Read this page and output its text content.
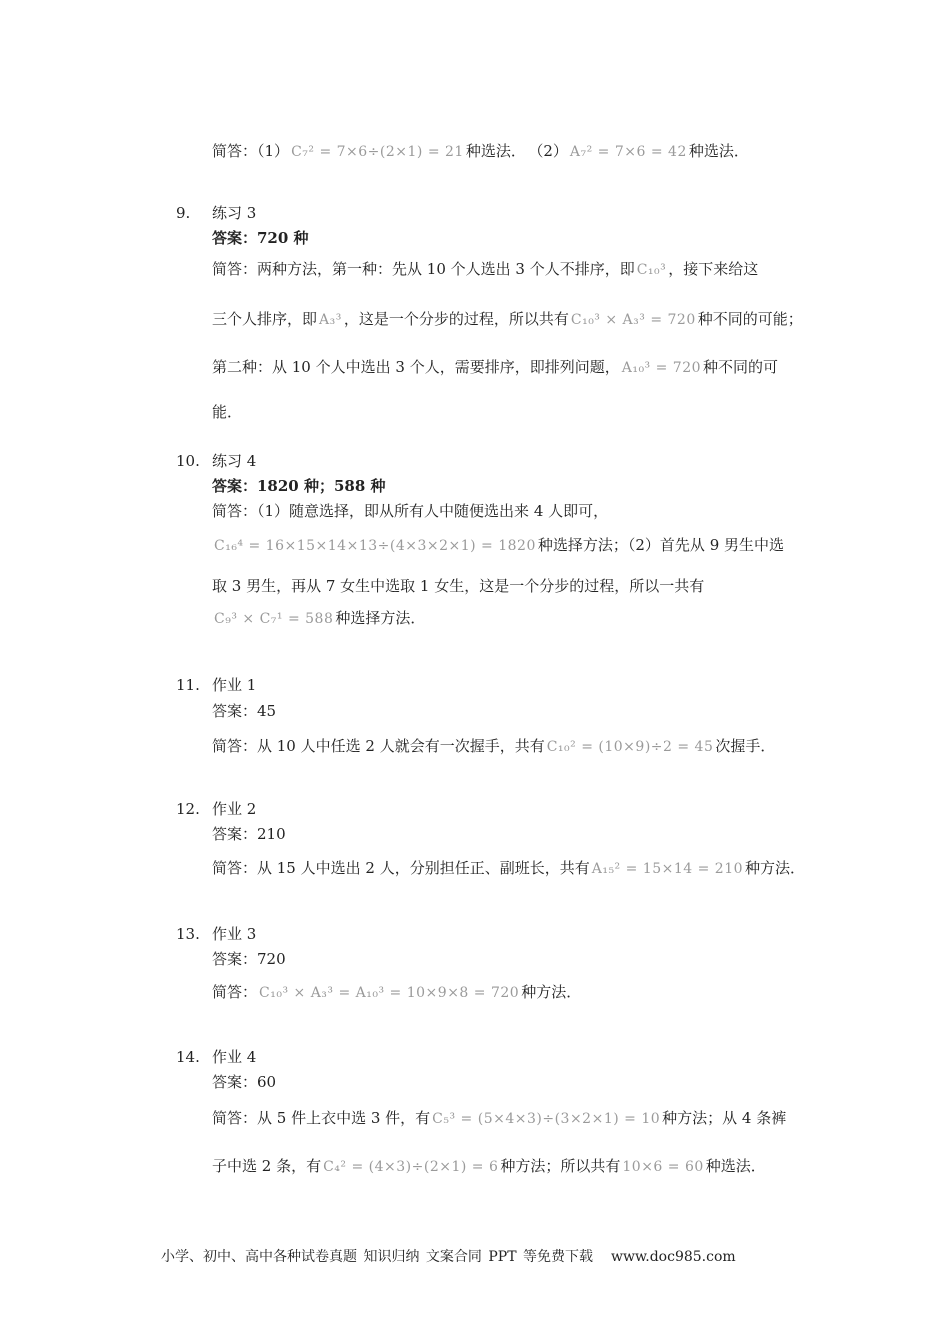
简答：（1） C₇² = 7×6÷(2×1) = 21 种选法． （2） A₇² = 7×6 = 42 种选法．
9. 练习 3
答案：720 种
简答：两种方法，第一种：先从 10 个人选出 3 个人不排序，即 C₁₀³ ，接下来给这
三个人排序，即 A₃³ ，这是一个分步的过程，所以共有 C₁₀³ × A₃³ = 720 种不同的可能；
第二种：从 10 个人中选出 3 个人，需要排序，即排列问题， A₁₀³ = 720 种不同的可
能．
10. 练习 4
答案：1820 种；588 种
简答：（1）随意选择，即从所有人中随便选出来 4 人即可，
C₁₆⁴ = 16×15×14×13÷(4×3×2×1) = 1820 种选择方法；（2）首先从 9 男生中选
取 3 男生，再从 7 女生中选取 1 女生，这是一个分步的过程，所以一共有
C₉³ × C₇¹ = 588 种选择方法．
11. 作业 1
答案：45
简答：从 10 人中任选 2 人就会有一次握手，共有 C₁₀² = (10×9)÷2 = 45 次握手．
12. 作业 2
答案：210
简答：从 15 人中选出 2 人，分别担任正、副班长，共有 A₁₅² = 15×14 = 210 种方法．
13. 作业 3
答案：720
简答： C₁₀³ × A₃³ = A₁₀³ = 10×9×8 = 720 种方法．
14. 作业 4
答案：60
简答：从 5 件上衣中选 3 件，有 C₅³ = (5×4×3)÷(3×2×1) = 10 种方法；从 4 条裤
子中选 2 条，有 C₄² = (4×3)÷(2×1) = 6 种方法；所以共有 10×6 = 60 种选法．
小学、初中、高中各种试卷真题 知识归纳 文案合同 PPT 等免费下载 www.doc985.com
